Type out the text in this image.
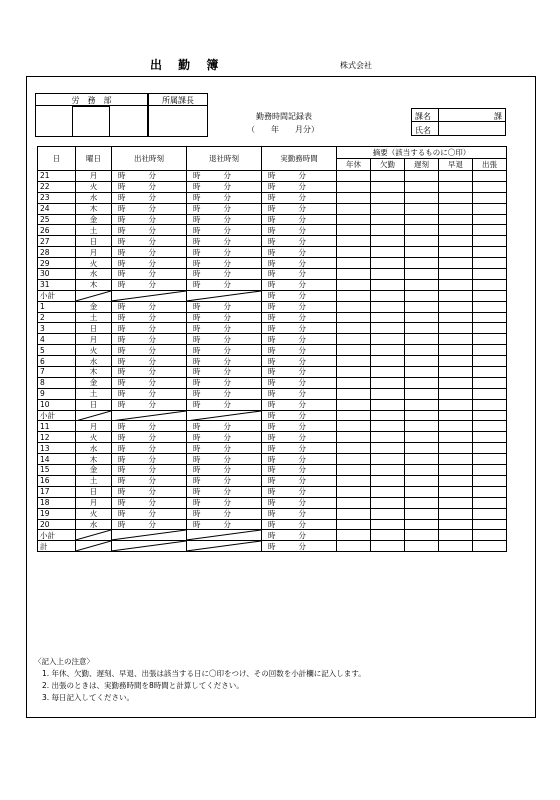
出 勤 簿	株式会社
労　務　部	所属課長
勤務時間記録表
（　　年　　月分）
課名	課
氏名
日	曜日	出社時刻	退社時刻	実勤務時間	摘要（該当するものに〇印）				
					年休	欠勤	遅刻	早退	出張
21	月	時 分	時 分	時 分					
22	火	時 分	時 分	時 分					
23	水	時 分	時 分	時 分					
24	木	時 分	時 分	時 分					
25	金	時 分	時 分	時 分					
26	土	時 分	時 分	時 分					
27	日	時 分	時 分	時 分					
28	月	時 分	時 分	時 分					
29	火	時 分	時 分	時 分					
30	水	時 分	時 分	時 分					
31	木	時 分	時 分	時 分					
小計				時 分					
1	金	時 分	時 分	時 分					
2	土	時 分	時 分	時 分					
3	日	時 分	時 分	時 分					
4	月	時 分	時 分	時 分					
5	火	時 分	時 分	時 分					
6	水	時 分	時 分	時 分					
7	木	時 分	時 分	時 分					
8	金	時 分	時 分	時 分					
9	土	時 分	時 分	時 分					
10	日	時 分	時 分	時 分					
小計				時 分					
11	月	時 分	時 分	時 分					
12	火	時 分	時 分	時 分					
13	水	時 分	時 分	時 分					
14	木	時 分	時 分	時 分					
15	金	時 分	時 分	時 分					
16	土	時 分	時 分	時 分					
17	日	時 分	時 分	時 分					
18	月	時 分	時 分	時 分					
19	火	時 分	時 分	時 分					
20	水	時 分	時 分	時 分					
小計				時 分					
計				時 分					
〈記入上の注意〉
1. 年休、欠勤、遅刻、早退、出張は該当する日に〇印をつけ、その回数を小計欄に記入します。
2. 出張のときは、実勤務時間を8時間と計算してください。
3. 毎日記入してください。
